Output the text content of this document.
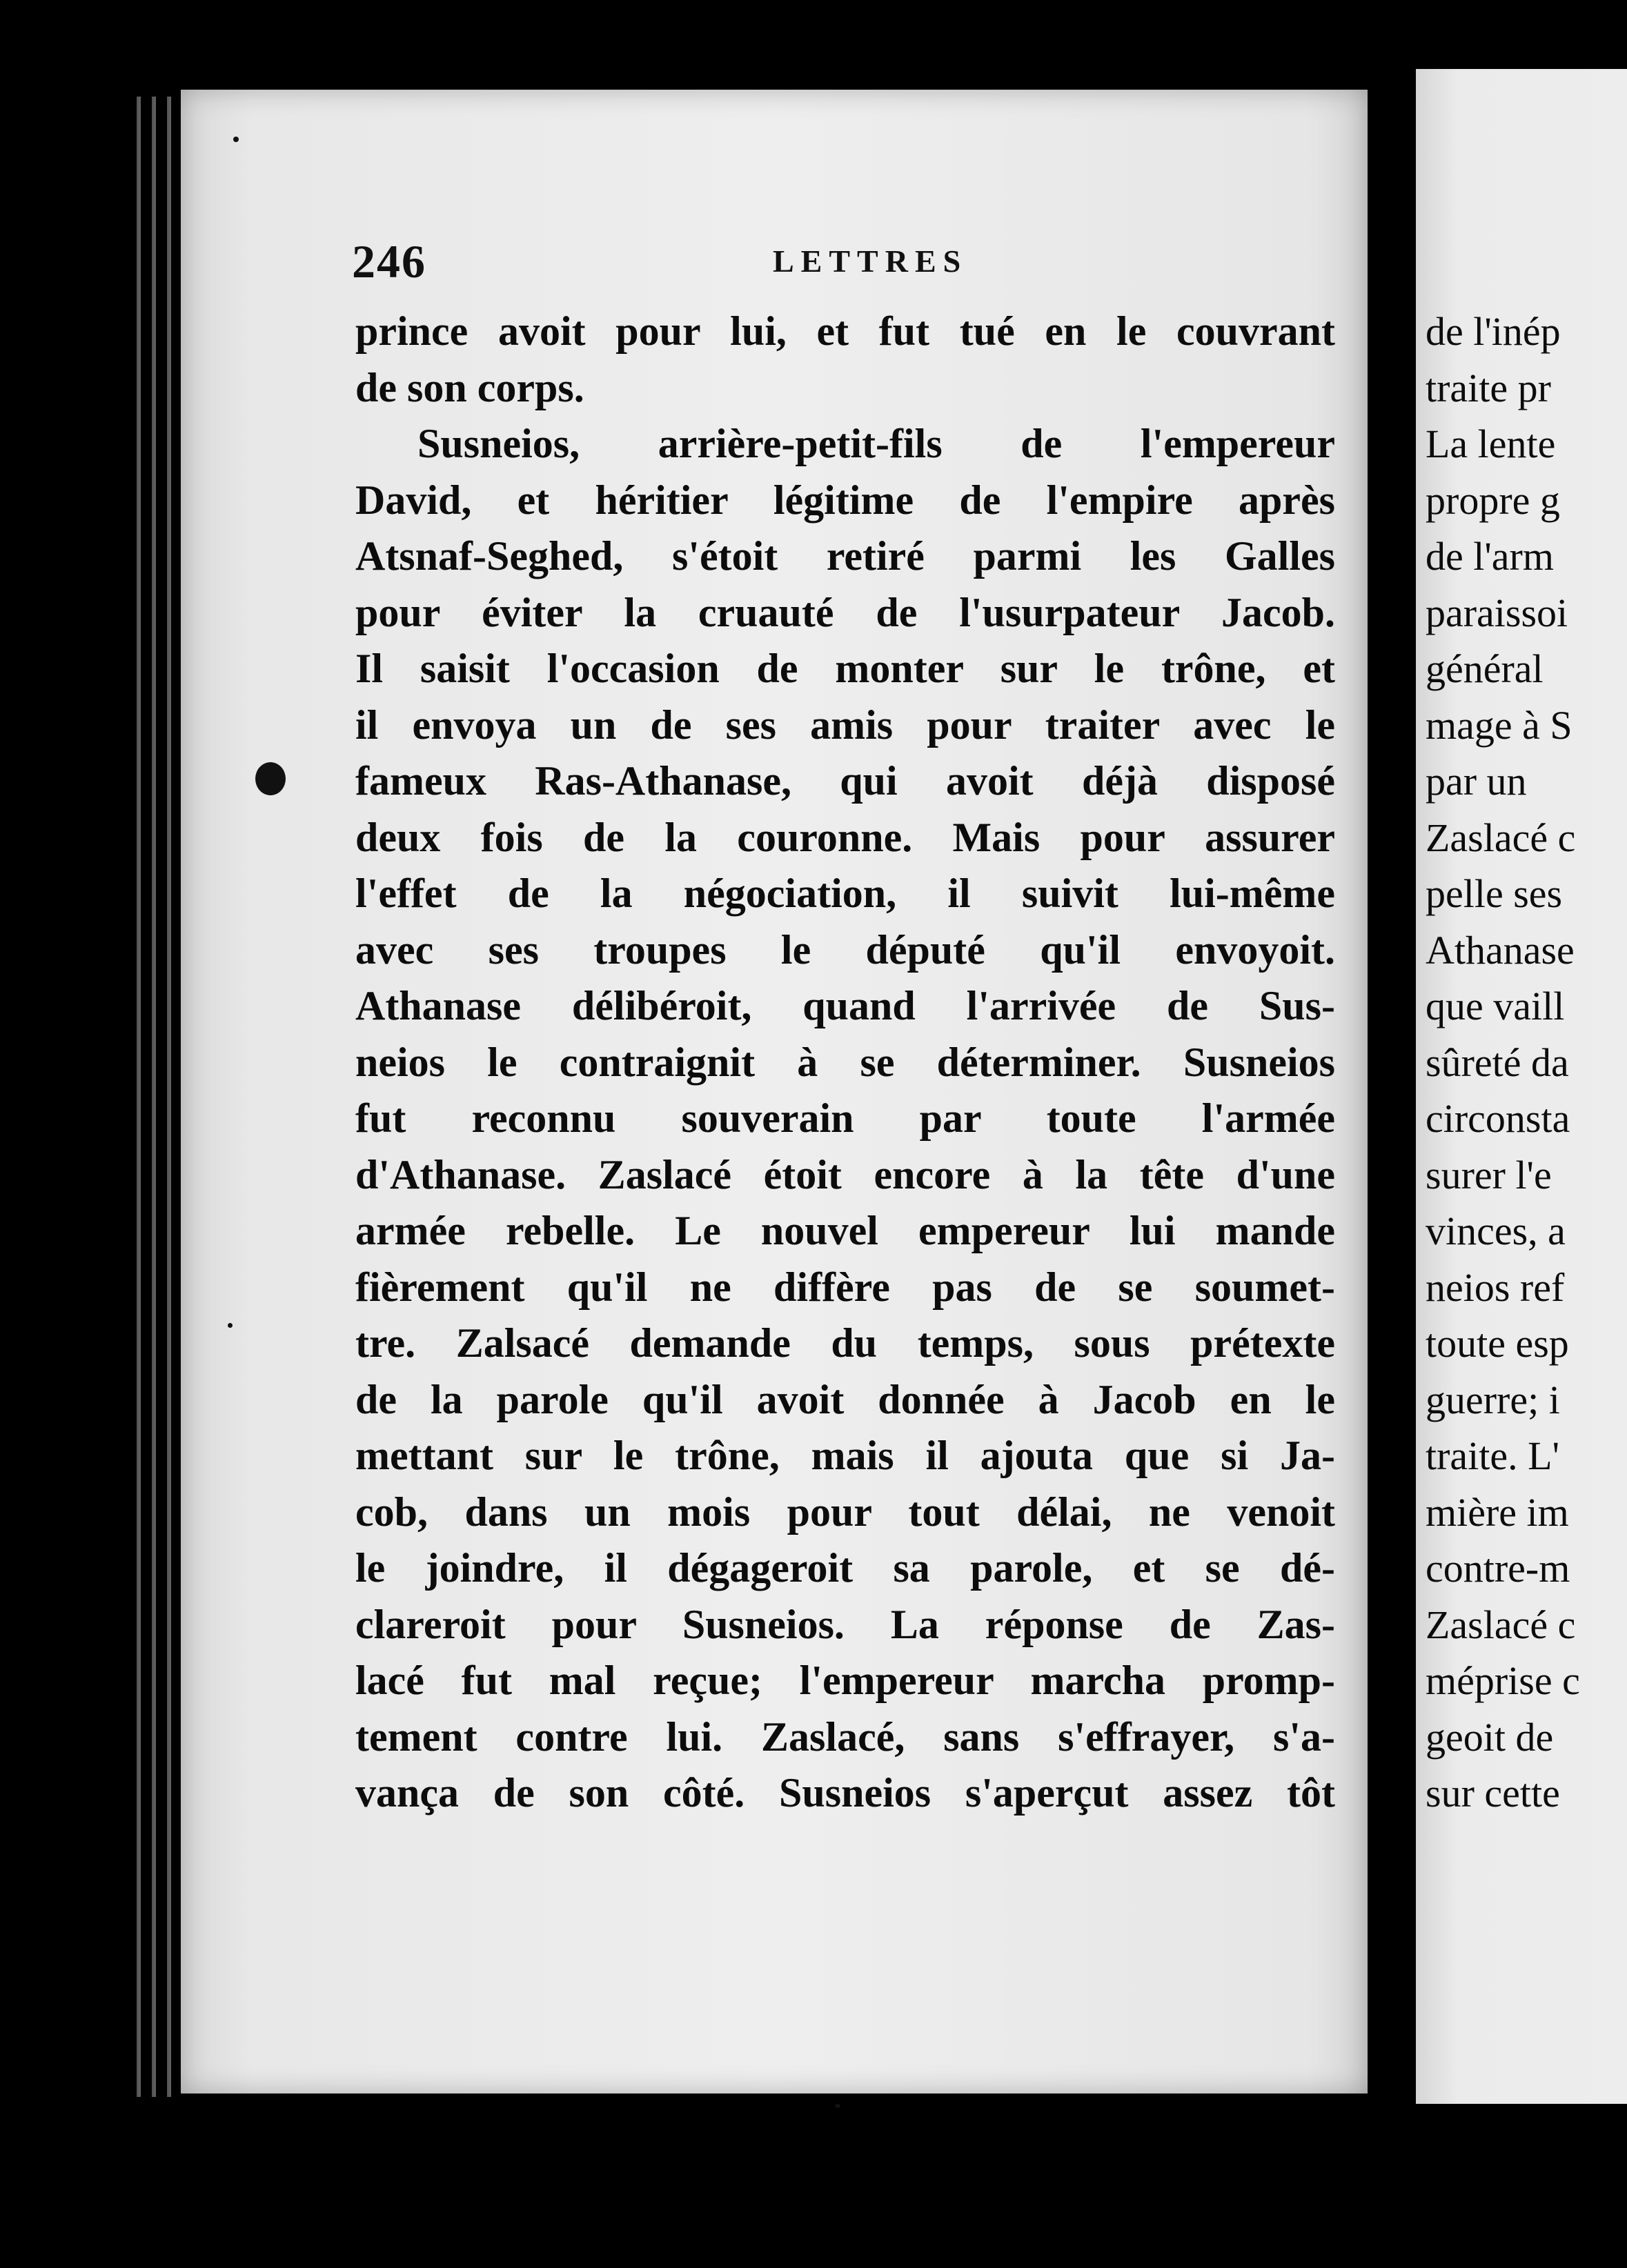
246	LETTRES
prince avoit pour lui, et fut tué en le couvrant
de son corps.
Susneios, arrière-petit-fils de l'empereur
David, et héritier légitime de l'empire après
Atsnaf-Seghed, s'étoit retiré parmi les Galles
pour éviter la cruauté de l'usurpateur Jacob.
Il saisit l'occasion de monter sur le trône, et
il envoya un de ses amis pour traiter avec le
fameux Ras-Athanase, qui avoit déjà disposé
deux fois de la couronne. Mais pour assurer
l'effet de la négociation, il suivit lui-même
avec ses troupes le député qu'il envoyoit.
Athanase délibéroit, quand l'arrivée de Sus-
neios le contraignit à se déterminer. Susneios
fut reconnu souverain par toute l'armée
d'Athanase. Zaslacé étoit encore à la tête d'une
armée rebelle. Le nouvel empereur lui mande
fièrement qu'il ne diffère pas de se soumet-
tre. Zalsacé demande du temps, sous prétexte
de la parole qu'il avoit donnée à Jacob en le
mettant sur le trône, mais il ajouta que si Ja-
cob, dans un mois pour tout délai, ne venoit
le joindre, il dégageroit sa parole, et se dé-
clareroit pour Susneios. La réponse de Zas-
lacé fut mal reçue; l'empereur marcha promp-
tement contre lui. Zaslacé, sans s'effrayer, s'a-
vança de son côté. Susneios s'aperçut assez tôt
de l'inép
traite pr
La lente
propre g
de l'arm
paraissoi
général
mage à S
par un
Zaslacé c
pelle ses
Athanase
que vaill
sûreté da
circonsta
surer l'e
vinces, a
neios ref
toute esp
guerre; i
traite. L'
mière im
contre-m
Zaslacé c
méprise c
geoit de
sur cette
